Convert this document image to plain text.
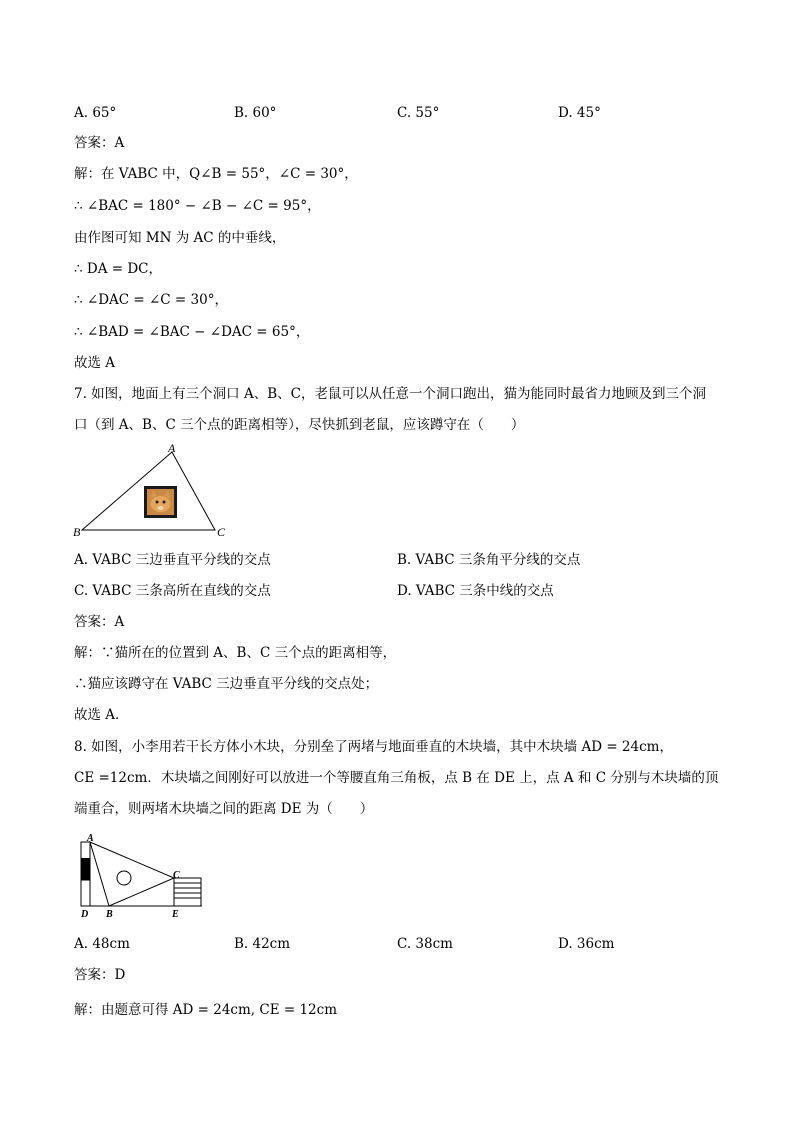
A. 65°	B. 60°	C. 55°	D. 45°
答案：A
解：在 VABC 中，Q∠B = 55°，∠C = 30°，
∴ ∠BAC = 180° − ∠B − ∠C = 95°，
由作图可知 MN 为 AC 的中垂线，
∴ DA = DC，
∴ ∠DAC = ∠C = 30°，
∴ ∠BAD = ∠BAC − ∠DAC = 65°，
故选 A
7. 如图，地面上有三个洞口 A、B、C，老鼠可以从任意一个洞口跑出，猫为能同时最省力地顾及到三个洞
口（到 A、B、C 三个点的距离相等），尽快抓到老鼠，应该蹲守在（　　）
A
B	C
A. VABC 三边垂直平分线的交点	B. VABC 三条角平分线的交点
C. VABC 三条高所在直线的交点	D. VABC 三条中线的交点
答案：A
解：∵猫所在的位置到 A、B、C 三个点的距离相等，
∴猫应该蹲守在 VABC 三边垂直平分线的交点处；
故选 A．
8. 如图，小李用若干长方体小木块，分别垒了两堵与地面垂直的木块墙，其中木块墙 AD = 24cm，
CE =12cm．木块墙之间刚好可以放进一个等腰直角三角板，点 B 在 DE 上，点 A 和 C 分别与木块墙的顶
端重合，则两堵木块墙之间的距离 DE 为（　　）
A
C
D B	E
A. 48cm	B. 42cm	C. 38cm	D. 36cm
答案：D
解：由题意可得 AD = 24cm, CE = 12cm
